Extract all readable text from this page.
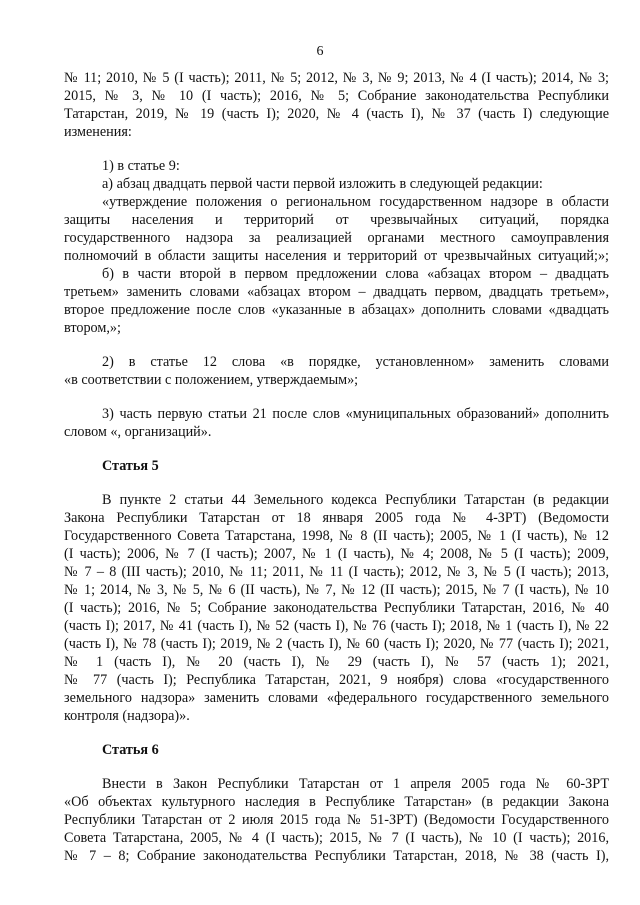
6
№ 11; 2010, № 5 (I часть); 2011, № 5; 2012, № 3, № 9; 2013, № 4 (I часть); 2014, № 3;
2015, № 3, № 10 (I часть); 2016, № 5; Собрание законодательства Республики
Татарстан, 2019, № 19 (часть I); 2020, № 4 (часть I), № 37 (часть I) следующие
изменения:
1) в статье 9:
а) абзац двадцать первой части первой изложить в следующей редакции:
«утверждение положения о региональном государственном надзоре в области
защиты населения и территорий от чрезвычайных ситуаций, порядка
государственного надзора за реализацией органами местного самоуправления
полномочий в области защиты населения и территорий от чрезвычайных ситуаций;»;
б) в части второй в первом предложении слова «абзацах втором – двадцать
третьем» заменить словами «абзацах втором – двадцать первом, двадцать третьем»,
второе предложение после слов «указанные в абзацах» дополнить словами «двадцать
втором,»;
2) в статье 12 слова «в порядке, установленном» заменить словами
«в соответствии с положением, утверждаемым»;
3) часть первую статьи 21 после слов «муниципальных образований» дополнить
словом «, организаций».
Статья 5
В пункте 2 статьи 44 Земельного кодекса Республики Татарстан (в редакции
Закона Республики Татарстан от 18 января 2005 года № 4-ЗРТ) (Ведомости
Государственного Совета Татарстана, 1998, № 8 (II часть); 2005, № 1 (I часть), № 12
(I часть); 2006, № 7 (I часть); 2007, № 1 (I часть), № 4; 2008, № 5 (I часть); 2009,
№ 7 – 8 (III часть); 2010, № 11; 2011, № 11 (I часть); 2012, № 3, № 5 (I часть); 2013,
№ 1; 2014, № 3, № 5, № 6 (II часть), № 7, № 12 (II часть); 2015, № 7 (I часть), № 10
(I часть); 2016, № 5; Собрание законодательства Республики Татарстан, 2016, № 40
(часть I); 2017, № 41 (часть I), № 52 (часть I), № 76 (часть I); 2018, № 1 (часть I), № 22
(часть I), № 78 (часть I); 2019, № 2 (часть I), № 60 (часть I); 2020, № 77 (часть I); 2021,
№ 1 (часть I), № 20 (часть I), № 29 (часть I), № 57 (часть 1); 2021,
№ 77 (часть I); Республика Татарстан, 2021, 9 ноября) слова «государственного
земельного надзора» заменить словами «федерального государственного земельного
контроля (надзора)».
Статья 6
Внести в Закон Республики Татарстан от 1 апреля 2005 года № 60-ЗРТ
«Об объектах культурного наследия в Республике Татарстан» (в редакции Закона
Республики Татарстан от 2 июля 2015 года № 51-ЗРТ) (Ведомости Государственного
Совета Татарстана, 2005, № 4 (I часть); 2015, № 7 (I часть), № 10 (I часть); 2016,
№ 7 – 8; Собрание законодательства Республики Татарстан, 2018, № 38 (часть I),
